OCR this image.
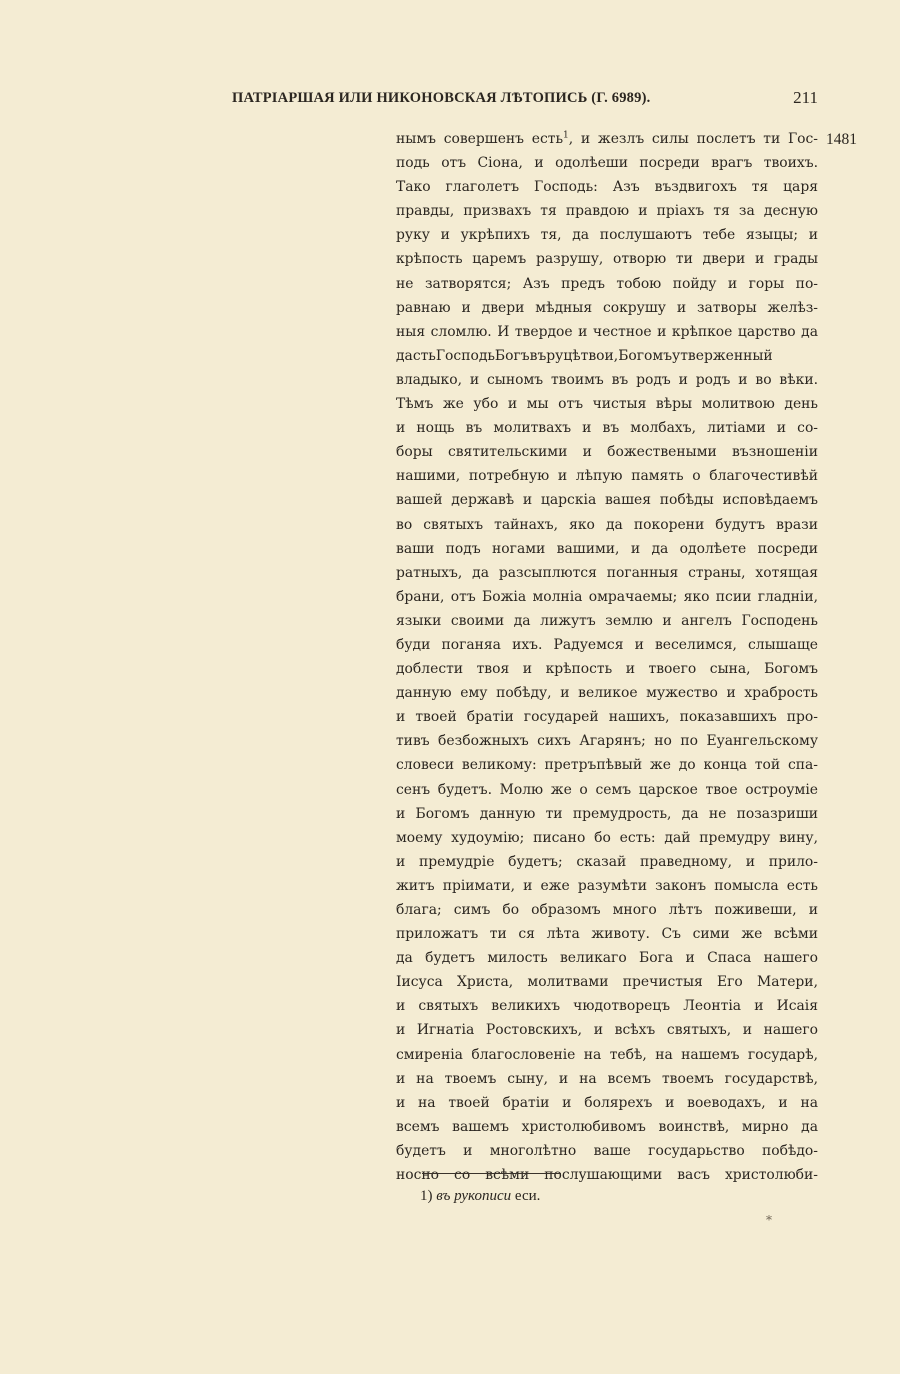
ПАТРІАРШАЯ ИЛИ НИКОНОВСКАЯ ЛѢТОПИСЬ (Г. 6989).	211
1481
нымъ совершенъ есть$^1$, и жезлъ силы послетъ ти Гос-
подь отъ Сіона, и одолѣеши посреди врагъ твоихъ.
Тако глаголетъ Господь: Азъ въздвигохъ тя царя
правды, призвахъ тя правдою и пріахъ тя за десную
руку и укрѣпихъ тя, да послушаютъ тебе языцы; и
крѣпость царемъ разрушу, отворю ти двери и грады
не затворятся; Азъ предъ тобою пойду и горы по-
равнаю и двери мѣдныя сокрушу и затворы желѣз-
ныя сломлю. И твердое и честное и крѣпкое царство да
дастьГосподьБогъвъруцѣтвои,Богомъутверженный
владыко, и сыномъ твоимъ въ родъ и родъ и во вѣки.
Тѣмъ же убо и мы отъ чистыя вѣры молитвою день
и нощь въ молитвахъ и въ молбахъ, литіами и со-
боры святительскими и божествеными възношеніи
нашими, потребную и лѣпую память о благочестивѣй
вашей державѣ и царскіа вашея побѣды исповѣдаемъ
во святыхъ тайнахъ, яко да покорени будутъ врази
ваши подъ ногами вашими, и да одолѣете посреди
ратныхъ, да разсыплются поганныя страны, хотящая
брани, отъ Божіа молніа омрачаемы; яко псии гладніи,
языки своими да лижутъ землю и ангелъ Господень
буди поганяа ихъ. Радуемся и веселимся, слышаще
доблести твоя и крѣпость и твоего сына, Богомъ
данную ему побѣду, и великое мужество и храбрость
и твоей братіи государей нашихъ, показавшихъ про-
тивъ безбожныхъ сихъ Агарянъ; но по Еуангельскому
словеси великому: претръпѣвый же до конца той спа-
сенъ будетъ. Молю же о семъ царское твое остроуміе
и Богомъ данную ти премудрость, да не позазриши
моему худоумію; писано бо есть: дай премудру вину,
и премудріе будетъ; сказай праведному, и прило-
житъ пріимати, и еже разумѣти законъ помысла есть
блага; симъ бо образомъ много лѣтъ поживеши, и
приложатъ ти ся лѣта животу. Съ сими же всѣми
да будетъ милость великаго Бога и Спаса нашего
Іисуса Христа, молитвами пречистыя Его Матери,
и святыхъ великихъ чюдотворецъ Леонтіа и Исаія
и Игнатіа Ростовскихъ, и всѣхъ святыхъ, и нашего
смиреніа благословеніе на тебѣ, на нашемъ государѣ,
и на твоемъ сыну, и на всемъ твоемъ государствѣ,
и на твоей братіи и боляреxъ и воеводахъ, и на
всемъ вашемъ христолюбивомъ воинствѣ, мирно да
будетъ и многолѣтно ваше государьство побѣдо-
носно со всѣми послушающими васъ христолюби-
1) въ рукописи еси.
*
